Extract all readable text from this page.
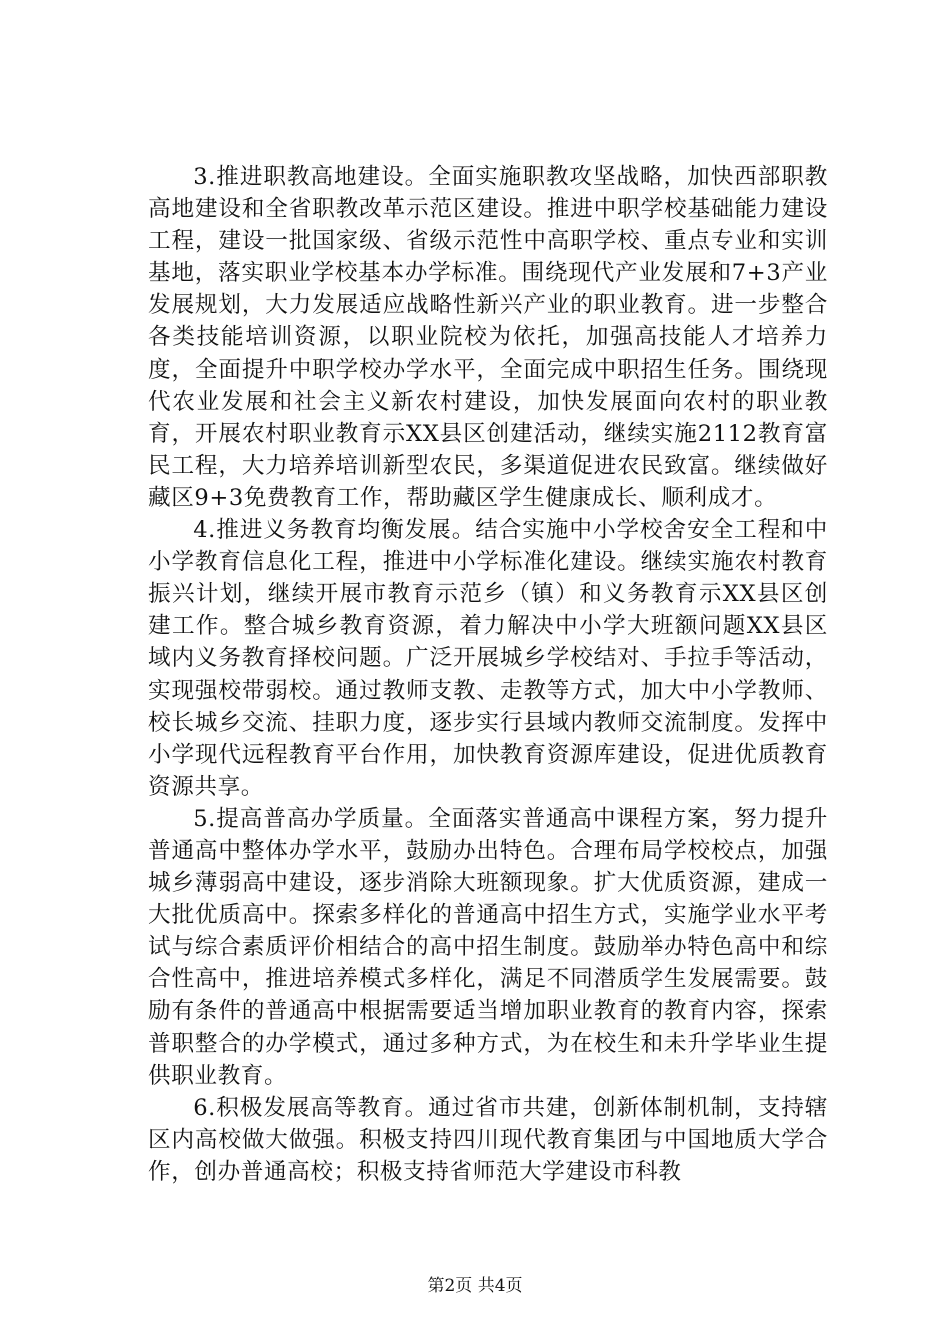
3.推进职教高地建设。全面实施职教攻坚战略，加快西部职教高地建设和全省职教改革示范区建设。推进中职学校基础能力建设工程，建设一批国家级、省级示范性中高职学校、重点专业和实训基地，落实职业学校基本办学标准。围绕现代产业发展和7+3产业发展规划，大力发展适应战略性新兴产业的职业教育。进一步整合各类技能培训资源，以职业院校为依托，加强高技能人才培养力度，全面提升中职学校办学水平，全面完成中职招生任务。围绕现代农业发展和社会主义新农村建设，加快发展面向农村的职业教育，开展农村职业教育示XX县区创建活动，继续实施2112教育富民工程，大力培养培训新型农民，多渠道促进农民致富。继续做好藏区9+3免费教育工作，帮助藏区学生健康成长、顺利成才。

4.推进义务教育均衡发展。结合实施中小学校舍安全工程和中小学教育信息化工程，推进中小学标准化建设。继续实施农村教育振兴计划，继续开展市教育示范乡（镇）和义务教育示XX县区创建工作。整合城乡教育资源，着力解决中小学大班额问题XX县区域内义务教育择校问题。广泛开展城乡学校结对、手拉手等活动，实现强校带弱校。通过教师支教、走教等方式，加大中小学教师、校长城乡交流、挂职力度，逐步实行县域内教师交流制度。发挥中小学现代远程教育平台作用，加快教育资源库建设，促进优质教育资源共享。

5.提高普高办学质量。全面落实普通高中课程方案，努力提升普通高中整体办学水平，鼓励办出特色。合理布局学校校点，加强城乡薄弱高中建设，逐步消除大班额现象。扩大优质资源，建成一大批优质高中。探索多样化的普通高中招生方式，实施学业水平考试与综合素质评价相结合的高中招生制度。鼓励举办特色高中和综合性高中，推进培养模式多样化，满足不同潜质学生发展需要。鼓励有条件的普通高中根据需要适当增加职业教育的教育内容，探索普职整合的办学模式，通过多种方式，为在校生和未升学毕业生提供职业教育。

6.积极发展高等教育。通过省市共建，创新体制机制，支持辖区内高校做大做强。积极支持四川现代教育集团与中国地质大学合作，创办普通高校；积极支持省师范大学建设市科教

第2页 共4页
